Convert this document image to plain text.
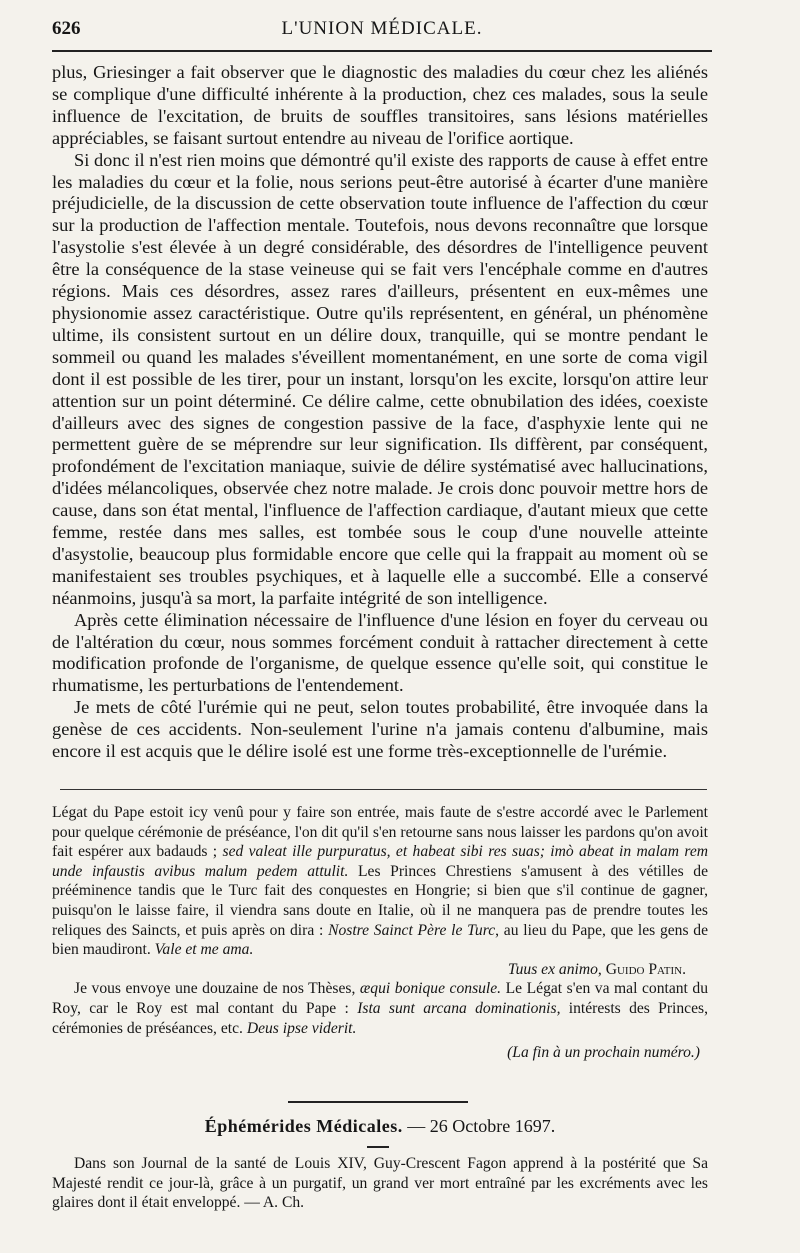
626	L'UNION MÉDICALE.

plus, Griesinger a fait observer que le diagnostic des maladies du cœur chez les aliénés se complique d'une difficulté inhérente à la production, chez ces malades, sous la seule influence de l'excitation, de bruits de souffles transitoires, sans lésions matérielles appréciables, se faisant surtout entendre au niveau de l'orifice aortique.

Si donc il n'est rien moins que démontré qu'il existe des rapports de cause à effet entre les maladies du cœur et la folie, nous serions peut-être autorisé à écarter d'une manière préjudicielle, de la discussion de cette observation toute influence de l'affection du cœur sur la production de l'affection mentale. Toutefois, nous devons reconnaître que lorsque l'asystolie s'est élevée à un degré considérable, des désordres de l'intelligence peuvent être la conséquence de la stase veineuse qui se fait vers l'encéphale comme en d'autres régions. Mais ces désordres, assez rares d'ailleurs, présentent en eux-mêmes une physionomie assez caractéristique. Outre qu'ils représentent, en général, un phénomène ultime, ils consistent surtout en un délire doux, tranquille, qui se montre pendant le sommeil ou quand les malades s'éveillent momentanément, en une sorte de coma vigil dont il est possible de les tirer, pour un instant, lorsqu'on les excite, lorsqu'on attire leur attention sur un point déterminé. Ce délire calme, cette obnubilation des idées, coexiste d'ailleurs avec des signes de congestion passive de la face, d'asphyxie lente qui ne permettent guère de se méprendre sur leur signification. Ils diffèrent, par conséquent, profondément de l'excitation maniaque, suivie de délire systématisé avec hallucinations, d'idées mélancoliques, observée chez notre malade. Je crois donc pouvoir mettre hors de cause, dans son état mental, l'influence de l'affection cardiaque, d'autant mieux que cette femme, restée dans mes salles, est tombée sous le coup d'une nouvelle atteinte d'asystolie, beaucoup plus formidable encore que celle qui la frappait au moment où se manifestaient ses troubles psychiques, et à laquelle elle a succombé. Elle a conservé néanmoins, jusqu'à sa mort, la parfaite intégrité de son intelligence.

Après cette élimination nécessaire de l'influence d'une lésion en foyer du cerveau ou de l'altération du cœur, nous sommes forcément conduit à rattacher directement à cette modification profonde de l'organisme, de quelque essence qu'elle soit, qui constitue le rhumatisme, les perturbations de l'entendement.

Je mets de côté l'urémie qui ne peut, selon toutes probabilité, être invoquée dans la genèse de ces accidents. Non-seulement l'urine n'a jamais contenu d'albumine, mais encore il est acquis que le délire isolé est une forme très-exceptionnelle de l'urémie.

Légat du Pape estoit icy venû pour y faire son entrée, mais faute de s'estre accordé avec le Parlement pour quelque cérémonie de préséance, l'on dit qu'il s'en retourne sans nous laisser les pardons qu'on avoit fait espérer aux badauds ; sed valeat ille purpuratus, et habeat sibi res suas; imò abeat in malam rem unde infaustis avibus malum pedem attulit. Les Princes Chrestiens s'amusent à des vétilles de prééminence tandis que le Turc fait des conquestes en Hongrie; si bien que s'il continue de gagner, puisqu'on le laisse faire, il viendra sans doute en Italie, où il ne manquera pas de prendre toutes les reliques des Saincts, et puis après on dira : Nostre Sainct Père le Turc, au lieu du Pape, que les gens de bien maudiront. Vale et me ama.

Tuus ex animo, Guido Patin.

Je vous envoye une douzaine de nos Thèses, æqui bonique consule. Le Légat s'en va mal contant du Roy, car le Roy est mal contant du Pape : Ista sunt arcana dominationis, intérests des Princes, cérémonies de préséances, etc. Deus ipse viderit.

(La fin à un prochain numéro.)

Éphémérides Médicales. — 26 Octobre 1697.

Dans son Journal de la santé de Louis XIV, Guy-Crescent Fagon apprend à la postérité que Sa Majesté rendit ce jour-là, grâce à un purgatif, un grand ver mort entraîné par les excréments avec les glaires dont il était enveloppé. — A. Ch.
